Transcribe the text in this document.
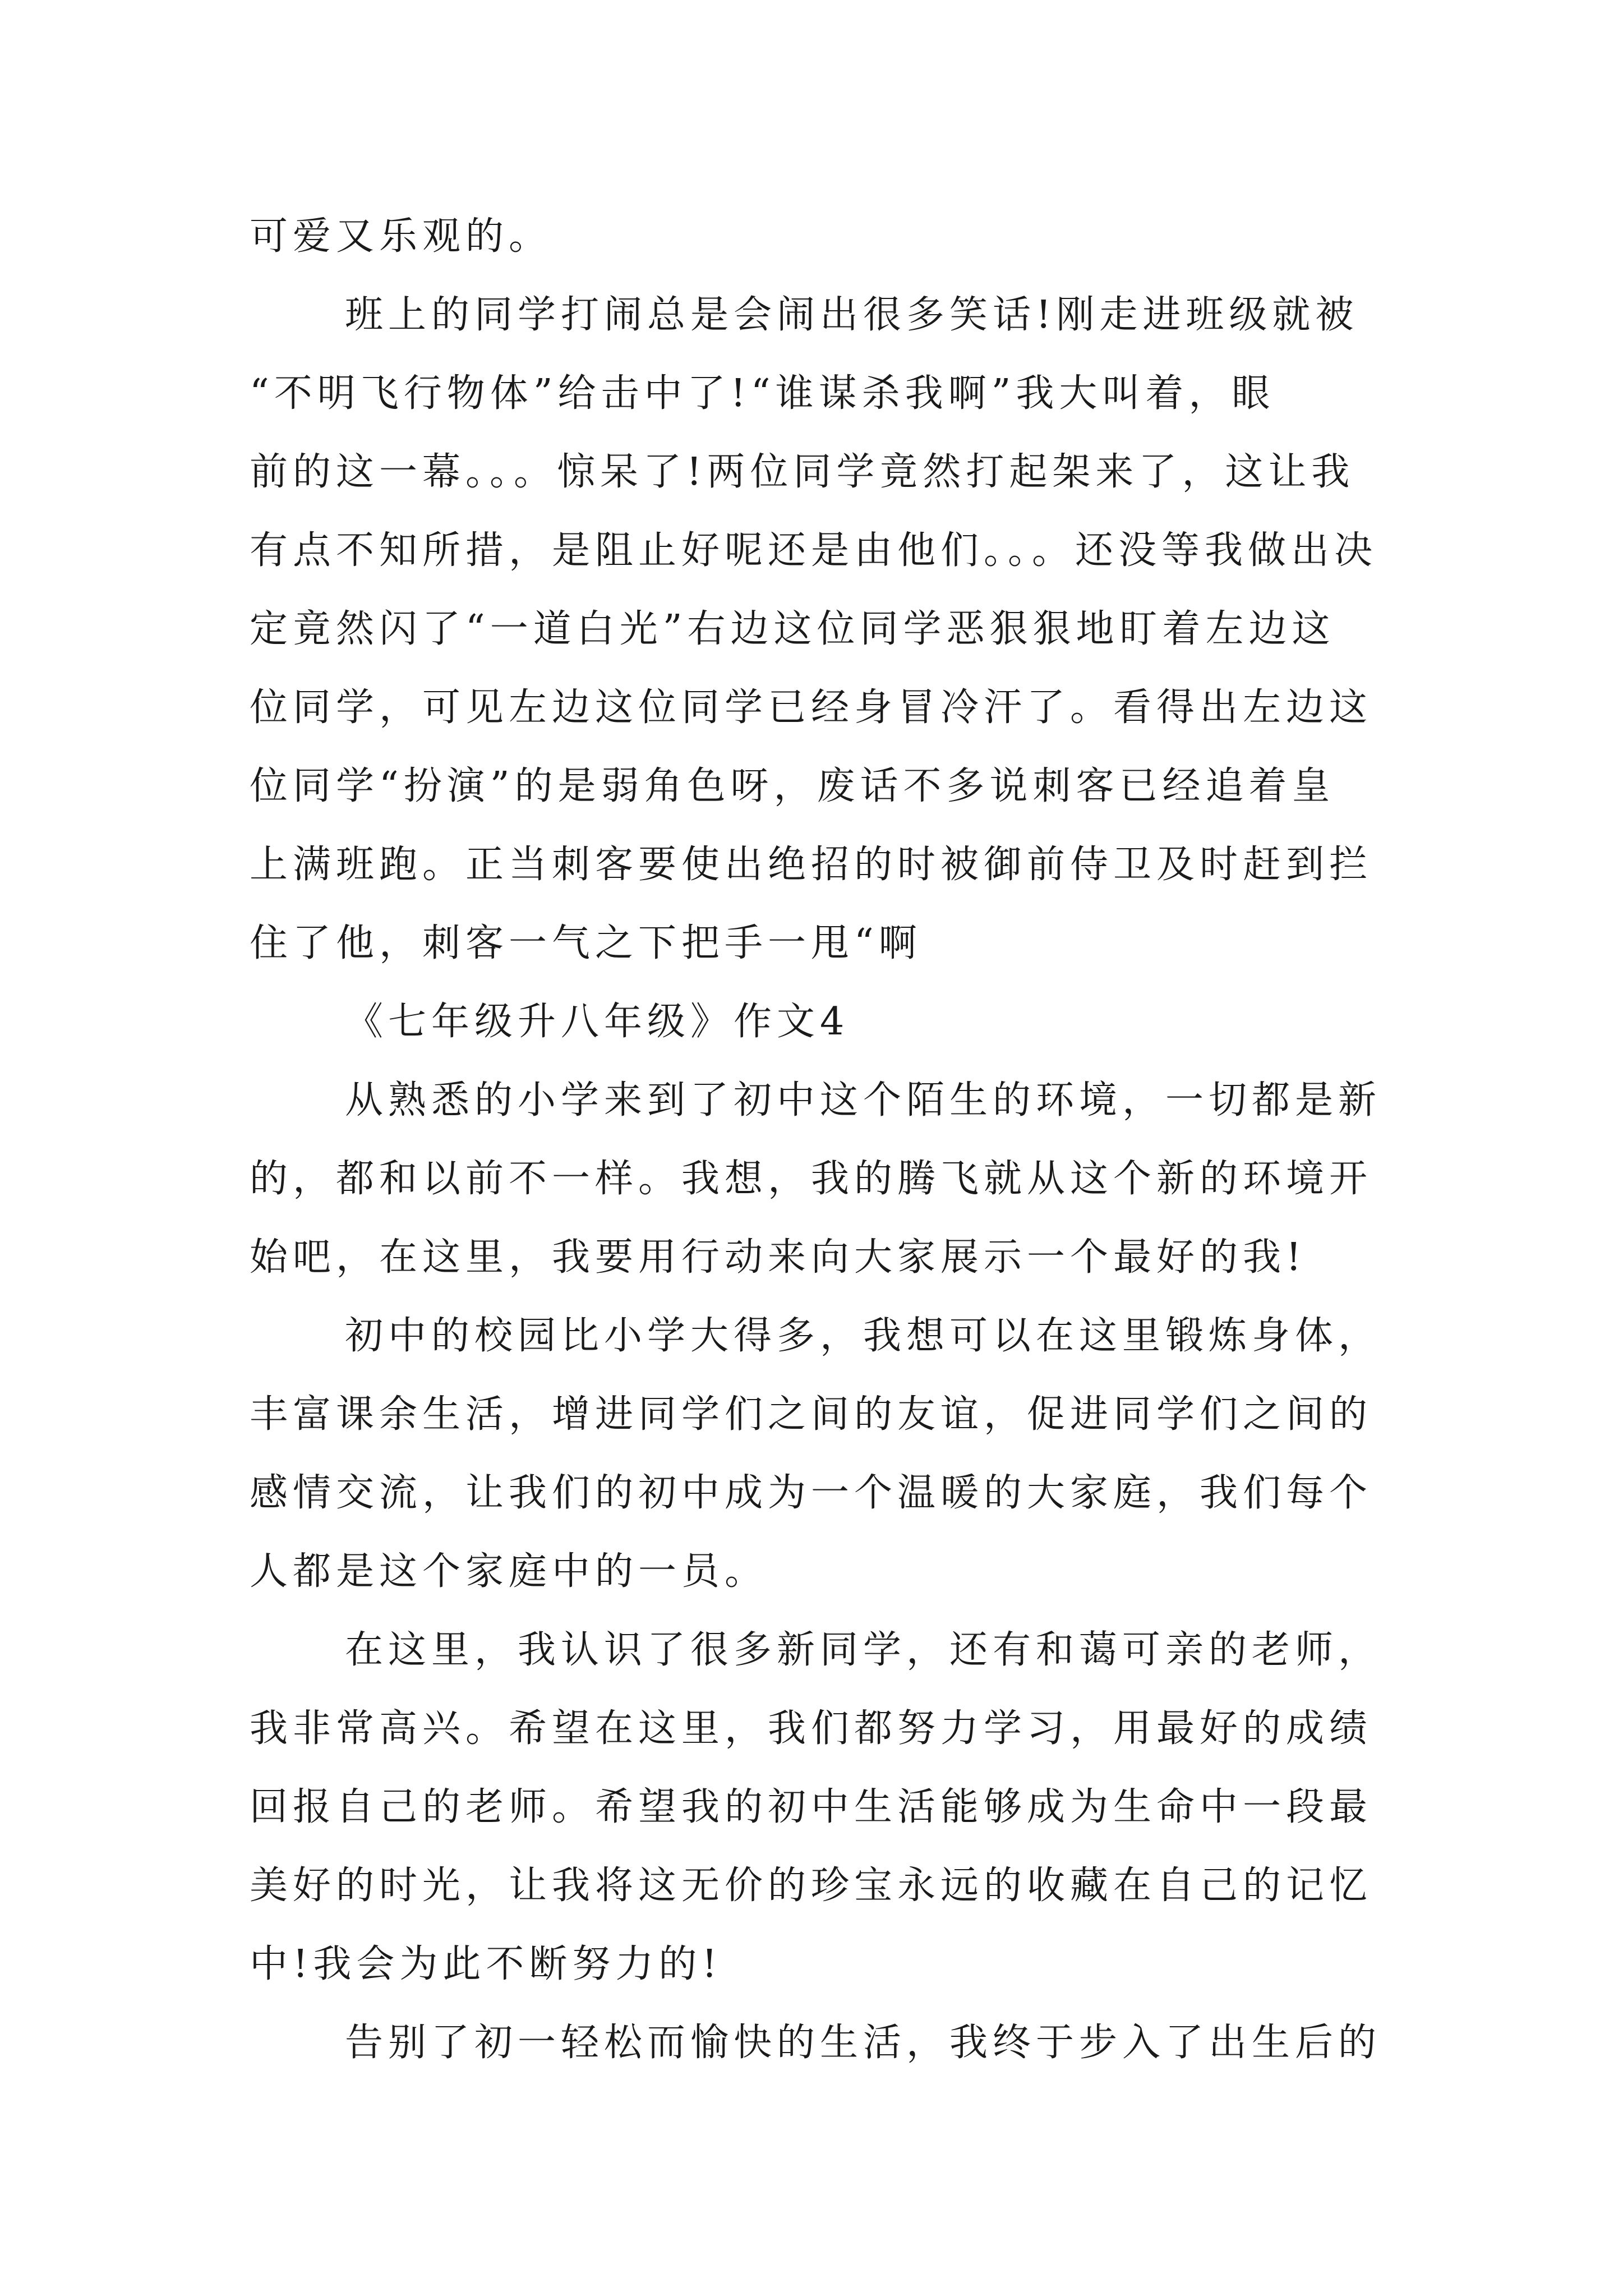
可爱又乐观的。
班上的同学打闹总是会闹出很多笑话!刚走进班级就被
“不明飞行物体”给击中了!“谁谋杀我啊”我大叫着，眼
前的这一幕。。。惊呆了!两位同学竟然打起架来了，这让我
有点不知所措，是阻止好呢还是由他们。。。还没等我做出决
定竟然闪了“一道白光”右边这位同学恶狠狠地盯着左边这
位同学，可见左边这位同学已经身冒冷汗了。看得出左边这
位同学“扮演”的是弱角色呀，废话不多说刺客已经追着皇
上满班跑。正当刺客要使出绝招的时被御前侍卫及时赶到拦
住了他，刺客一气之下把手一甩“啊
《七年级升八年级》作文4
从熟悉的小学来到了初中这个陌生的环境，一切都是新
的，都和以前不一样。我想，我的腾飞就从这个新的环境开
始吧，在这里，我要用行动来向大家展示一个最好的我!
初中的校园比小学大得多，我想可以在这里锻炼身体，
丰富课余生活，增进同学们之间的友谊，促进同学们之间的
感情交流，让我们的初中成为一个温暖的大家庭，我们每个
人都是这个家庭中的一员。
在这里，我认识了很多新同学，还有和蔼可亲的老师，
我非常高兴。希望在这里，我们都努力学习，用最好的成绩
回报自己的老师。希望我的初中生活能够成为生命中一段最
美好的时光，让我将这无价的珍宝永远的收藏在自己的记忆
中!我会为此不断努力的!
告别了初一轻松而愉快的生活，我终于步入了出生后的
